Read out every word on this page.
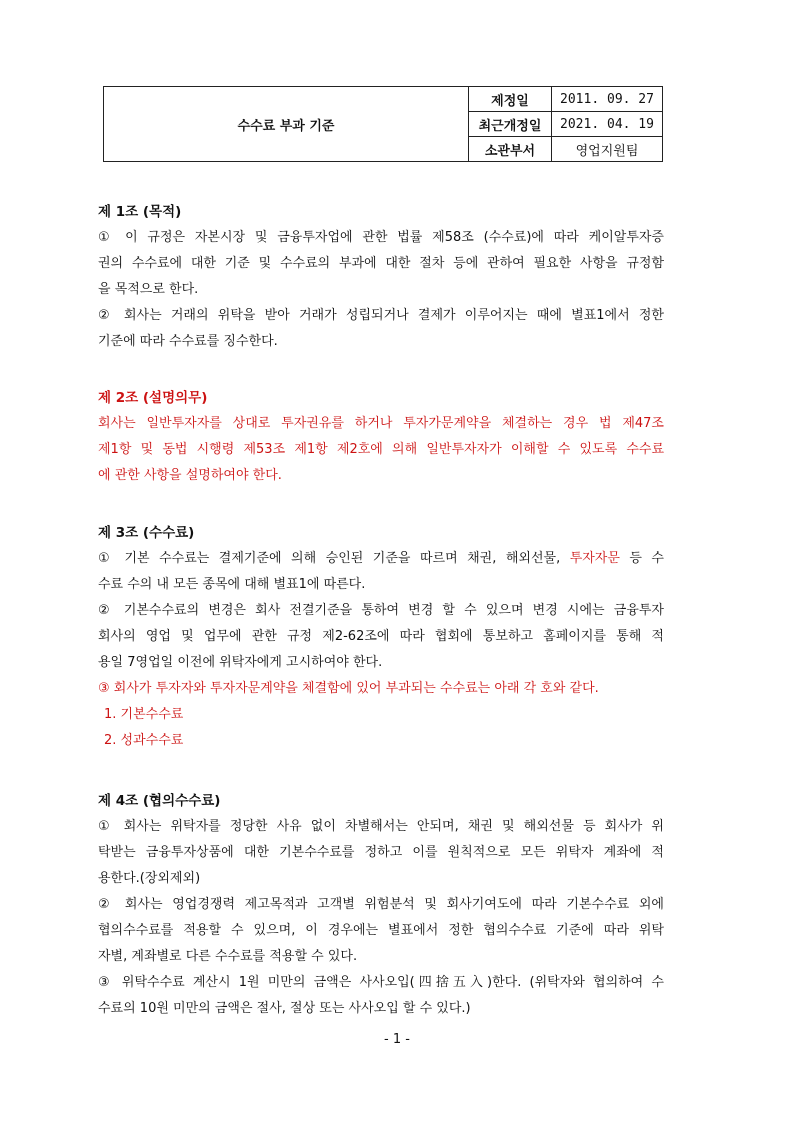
수수료 부과 기준	제정일	2011. 09. 27
	최근개정일	2021. 04. 19
	소관부서	영업지원팀

제 1조 (목적)

① 이 규정은 자본시장 및 금융투자업에 관한 법률 제58조 (수수료)에 따라 케이알투자증

권의 수수료에 대한 기준 및 수수료의 부과에 대한 절차 등에 관하여 필요한 사항을 규정함

을 목적으로 한다.

② 회사는 거래의 위탁을 받아 거래가 성립되거나 결제가 이루어지는 때에 별표1에서 정한

기준에 따라 수수료를 징수한다.

제 2조 (설명의무)

회사는 일반투자자를 상대로 투자권유를 하거나 투자가문계약을 체결하는 경우 법 제47조

제1항 및 동법 시행령 제53조 제1항 제2호에 의해 일반투자자가 이해할 수 있도록 수수료

에 관한 사항을 설명하여야 한다.

제 3조 (수수료)

① 기본 수수료는 결제기준에 의해 승인된 기준을 따르며 채권, 해외선물, 투자자문 등 수

수료 수의 내 모든 종목에 대해 별표1에 따른다.

② 기본수수료의 변경은 회사 전결기준을 통하여 변경 할 수 있으며 변경 시에는 금융투자

회사의 영업 및 업무에 관한 규정 제2-62조에 따라 협회에 통보하고 홈페이지를 통해 적

용일 7영업일 이전에 위탁자에게 고시하여야 한다.

③ 회사가 투자자와 투자자문계약을 체결함에 있어 부과되는 수수료는 아래 각 호와 같다.

1. 기본수수료

2. 성과수수료

제 4조 (협의수수료)

① 회사는 위탁자를 정당한 사유 없이 차별해서는 안되며, 채권 및 해외선물 등 회사가 위

탁받는 금융투자상품에 대한 기본수수료를 정하고 이를 원칙적으로 모든 위탁자 계좌에 적

용한다.(장외제외)

② 회사는 영업경쟁력 제고목적과 고객별 위험분석 및 회사기여도에 따라 기본수수료 외에

협의수수료를 적용할 수 있으며, 이 경우에는 별표에서 정한 협의수수료 기준에 따라 위탁

자별, 계좌별로 다른 수수료를 적용할 수 있다.

③ 위탁수수료 계산시 1원 미만의 금액은 사사오입(四捨五入)한다. (위탁자와 협의하여 수

수료의 10원 미만의 금액은 절사, 절상 또는 사사오입 할 수 있다.)

- 1 -
